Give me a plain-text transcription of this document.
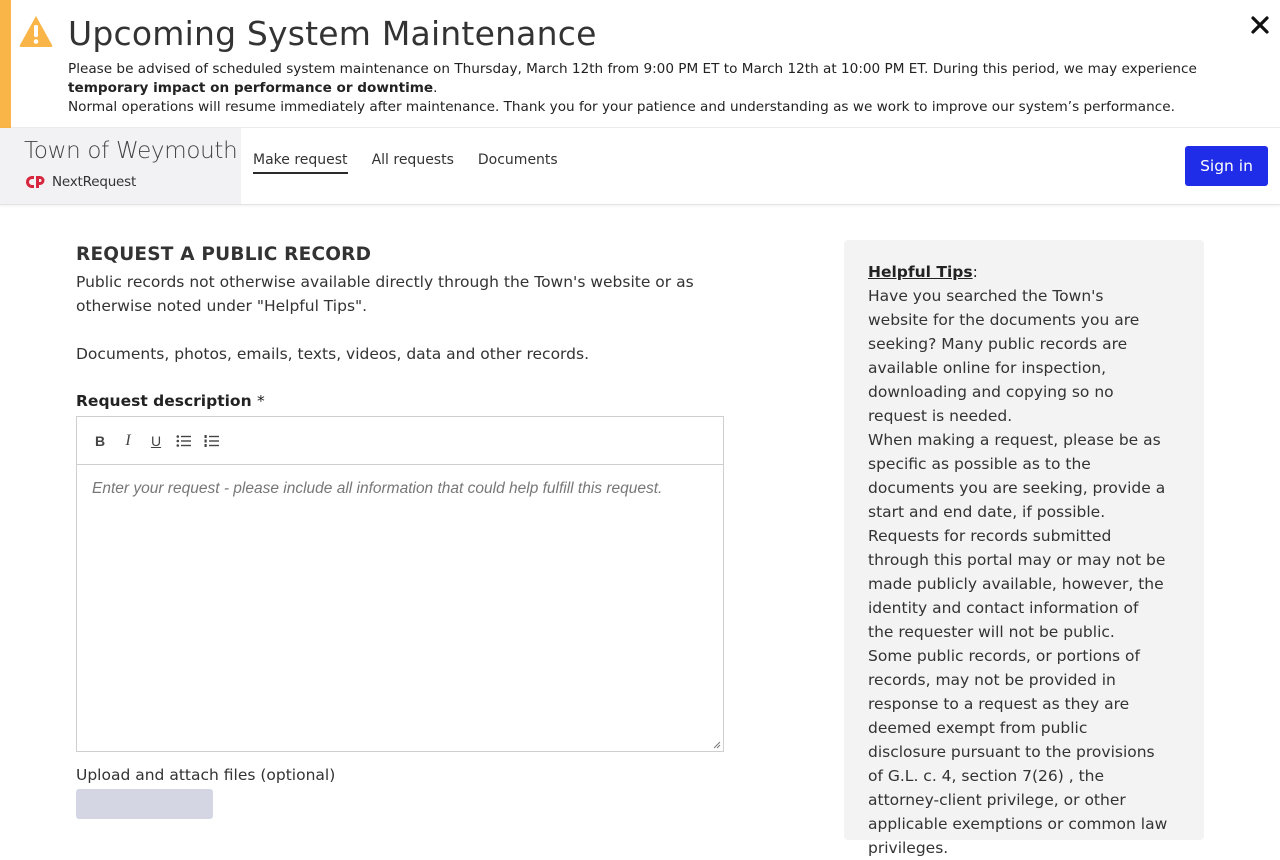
Upcoming System Maintenance
Please be advised of scheduled system maintenance on Thursday, March 12th from 9:00 PM ET to March 12th at 10:00 PM ET. During this period, we may experience temporary impact on performance or downtime.
Normal operations will resume immediately after maintenance. Thank you for your patience and understanding as we work to improve our system’s performance.
Town of Weymouth
NextRequest
Make request All requests Documents	Sign in
REQUEST A PUBLIC RECORD

Public records not otherwise available directly through the Town's website or as otherwise noted under "Helpful Tips".

Documents, photos, emails, texts, videos, data and other records.

Request description *
B	I	U
Enter your request - please include all information that could help fulfill this request.
Upload and attach files (optional)
Helpful Tips:

Have you searched the Town's website for the documents you are seeking? Many public records are available online for inspection, downloading and copying so no request is needed.

When making a request, please be as specific as possible as to the documents you are seeking, provide a start and end date, if possible.

Requests for records submitted through this portal may or may not be made publicly available, however, the identity and contact information of the requester will not be public.

Some public records, or portions of records, may not be provided in response to a request as they are deemed exempt from public disclosure pursuant to the provisions of G.L. c. 4, section 7(26) , the attorney-client privilege, or other applicable exemptions or common law privileges.
